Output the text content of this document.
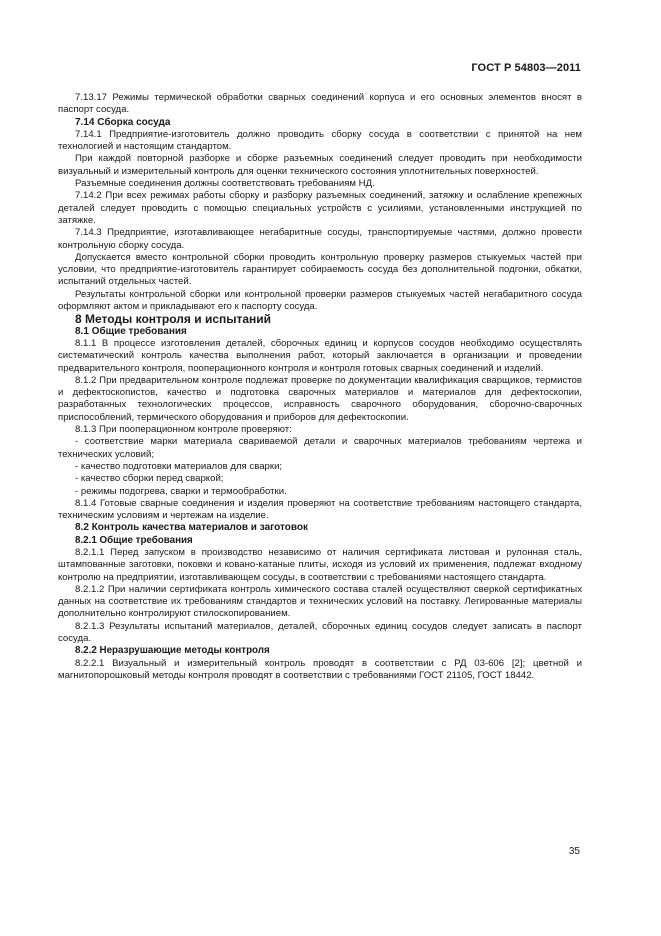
ГОСТ Р 54803—2011

7.13.17 Режимы термической обработки сварных соединений корпуса и его основных элементов вносят в паспорт сосуда.

7.14 Сборка сосуда

7.14.1 Предприятие-изготовитель должно проводить сборку сосуда в соответствии с принятой на нем технологией и настоящим стандартом.

При каждой повторной разборке и сборке разъемных соединений следует проводить при необходимости визуальный и измерительный контроль для оценки технического состояния уплотнительных поверхностей.

Разъемные соединения должны соответствовать требованиям НД.

7.14.2 При всех режимах работы сборку и разборку разъемных соединений, затяжку и ослабление крепежных деталей следует проводить с помощью специальных устройств с усилиями, установленными инструкцией по затяжке.

7.14.3 Предприятие, изготавливающее негабаритные сосуды, транспортируемые частями, должно провести контрольную сборку сосуда.

Допускается вместо контрольной сборки проводить контрольную проверку размеров стыкуемых частей при условии, что предприятие-изготовитель гарантирует собираемость сосуда без дополнительной подгонки, обкатки, испытаний отдельных частей.

Результаты контрольной сборки или контрольной проверки размеров стыкуемых частей негабаритного сосуда оформляют актом и прикладывают его к паспорту сосуда.

8 Методы контроля и испытаний

8.1 Общие требования

8.1.1 В процессе изготовления деталей, сборочных единиц и корпусов сосудов необходимо осуществлять систематический контроль качества выполнения работ, который заключается в организации и проведении предварительного контроля, пооперационного контроля и контроля готовых сварных соединений и изделий.

8.1.2 При предварительном контроле подлежат проверке по документации квалификация сварщиков, термистов и дефектоскопистов, качество и подготовка сварочных материалов и материалов для дефектоскопии, разработанных технологических процессов, исправность сварочного оборудования, сборочно-сварочных приспособлений, термического оборудования и приборов для дефектоскопии.

8.1.3 При пооперационном контроле проверяют:

- соответствие марки материала свариваемой детали и сварочных материалов требованиям чертежа и технических условий;

- качество подготовки материалов для сварки;

- качество сборки перед сваркой;

- режимы подогрева, сварки и термообработки.

8.1.4 Готовые сварные соединения и изделия проверяют на соответствие требованиям настоящего стандарта, техническим условиям и чертежам на изделие.

8.2 Контроль качества материалов и заготовок

8.2.1 Общие требования

8.2.1.1 Перед запуском в производство независимо от наличия сертификата листовая и рулонная сталь, штампованные заготовки, поковки и ковано-катаные плиты, исходя из условий их применения, подлежат входному контролю на предприятии, изготавливающем сосуды, в соответствии с требованиями настоящего стандарта.

8.2.1.2 При наличии сертификата контроль химического состава сталей осуществляют сверкой сертификатных данных на соответствие их требованиям стандартов и технических условий на поставку. Легированные материалы дополнительно контролируют стилоскопированием.

8.2.1.3 Результаты испытаний материалов, деталей, сборочных единиц сосудов следует записать в паспорт сосуда.

8.2.2 Неразрушающие методы контроля

8.2.2.1 Визуальный и измерительный контроль проводят в соответствии с РД 03-606 [2]; цветной и магнитопорошковый методы контроля проводят в соответствии с требованиями ГОСТ 21105, ГОСТ 18442.

35
